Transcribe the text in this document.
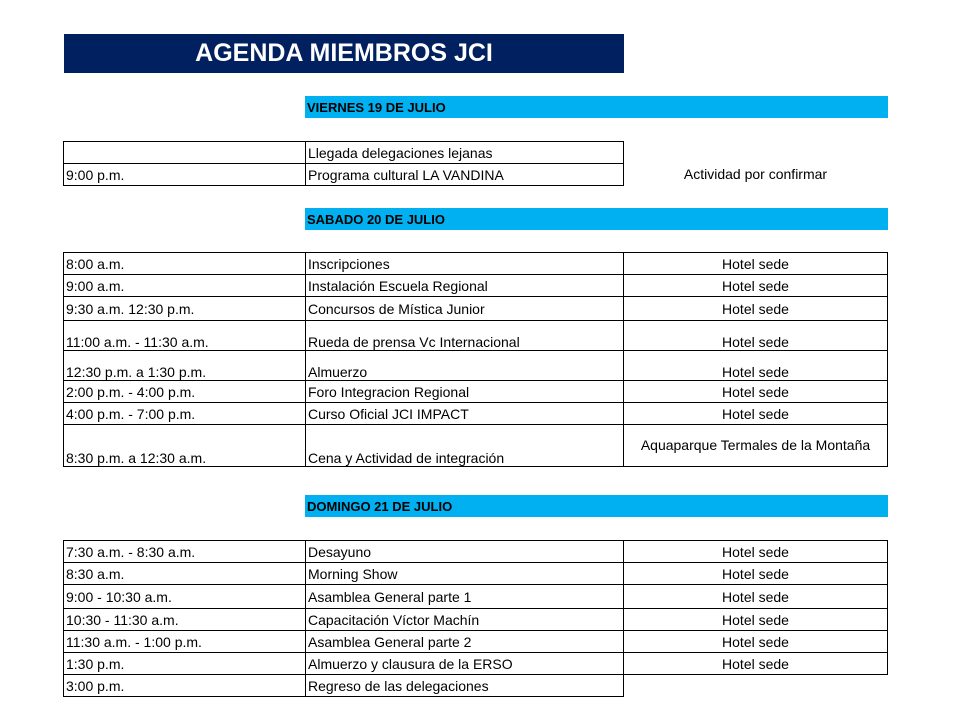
AGENDA MIEMBROS JCI
VIERNES 19 DE JULIO
	Llegada delegaciones lejanas	Actividad por confirmar
9:00 p.m.	Programa cultural LA VANDINA	
SABADO 20 DE JULIO
8:00 a.m.	Inscripciones	Hotel sede
9:00 a.m.	Instalación Escuela Regional	Hotel sede
9:30 a.m. 12:30 p.m.	Concursos de Mística Junior	Hotel sede
11:00 a.m. - 11:30 a.m.	Rueda de prensa Vc Internacional	Hotel sede
12:30 p.m. a 1:30 p.m.	Almuerzo	Hotel sede
2:00 p.m. - 4:00 p.m.	Foro Integracion Regional	Hotel sede
4:00 p.m. - 7:00 p.m.	Curso Oficial JCI IMPACT	Hotel sede
8:30 p.m. a 12:30 a.m.	Cena y Actividad de integración	Aquaparque Termales de la Montaña
DOMINGO 21 DE JULIO
7:30 a.m. - 8:30 a.m.	Desayuno	Hotel sede
8:30 a.m.	Morning Show	Hotel sede
9:00 - 10:30 a.m.	Asamblea General parte 1	Hotel sede
10:30 - 11:30 a.m.	Capacitación Víctor Machín	Hotel sede
11:30 a.m. - 1:00 p.m.	Asamblea General parte 2	Hotel sede
1:30 p.m.	Almuerzo y clausura de la ERSO	Hotel sede
3:00 p.m.	Regreso de las delegaciones	
